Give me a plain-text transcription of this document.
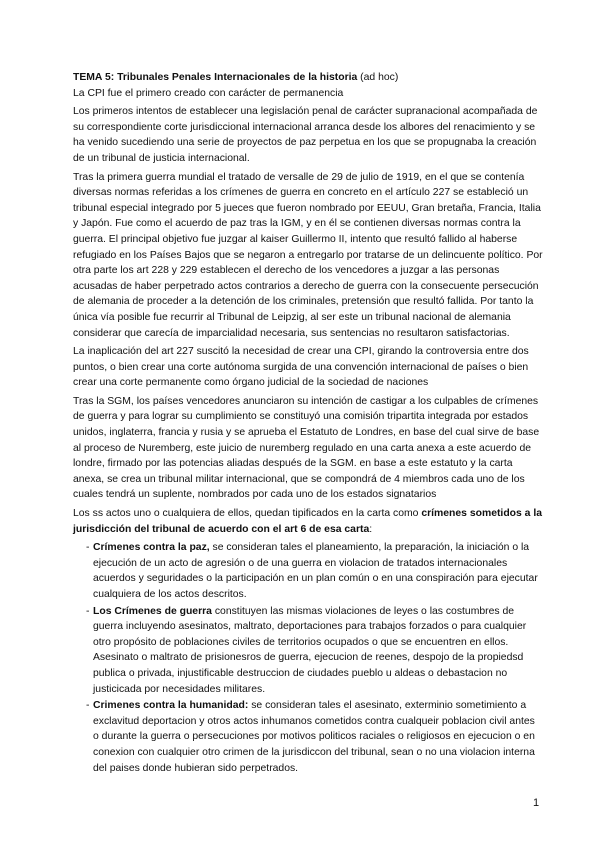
TEMA 5: Tribunales Penales Internacionales de la historia (ad hoc)

La CPI fue el primero creado con carácter de permanencia

Los primeros intentos de establecer una legislación penal de carácter supranacional acompañada de su correspondiente corte jurisdiccional internacional arranca desde los albores del renacimiento y se ha venido sucediendo una serie de proyectos de paz perpetua en los que se propugnaba la creación de un tribunal de justicia internacional.

Tras la primera guerra mundial el tratado de versalle de 29 de julio de 1919, en el que se contenía diversas normas referidas a los crímenes de guerra en concreto en el artículo 227 se estableció un tribunal especial integrado por 5 jueces que fueron nombrado por EEUU, Gran bretaña, Francia, Italia y Japón. Fue como el acuerdo de paz tras la IGM, y en él se contienen diversas normas contra la guerra. El principal objetivo fue juzgar al kaiser Guillermo II, intento que resultó fallido al haberse refugiado en los Países Bajos que se negaron a entregarlo por tratarse de un delincuente político. Por otra parte los art 228 y 229 establecen el derecho de los vencedores a juzgar a las personas acusadas de haber perpetrado actos contrarios a derecho de guerra con la consecuente persecución de alemania de proceder a la detención de los criminales, pretensión que resultó fallida. Por tanto la única vía posible fue recurrir al Tribunal de Leipzig, al ser este un tribunal nacional de alemania considerar que carecía de imparcialidad necesaria, sus sentencias no resultaron satisfactorias.

La inaplicación del art 227 suscitó la necesidad de crear una CPI, girando la controversia entre dos puntos, o bien crear una corte autónoma surgida de una convención internacional de países o bien crear una corte permanente como órgano judicial de la sociedad de naciones

Tras la SGM, los países vencedores anunciaron su intención de castigar a los culpables de crímenes de guerra y para lograr su cumplimiento se constituyó una comisión tripartita integrada por estados unidos, inglaterra, francia y rusia y se aprueba el Estatuto de Londres, en base del cual sirve de base al proceso de Nuremberg, este juicio de nuremberg regulado en una carta anexa a este acuerdo de londre, firmado por las potencias aliadas después de la SGM. en base a este estatuto y la carta anexa, se crea un tribunal militar internacional, que se compondrá de 4 miembros cada uno de los cuales tendrá un suplente, nombrados por cada uno de los estados signatarios

Los ss actos uno o cualquiera de ellos, quedan tipificados en la carta como crímenes sometidos a la jurisdicción del tribunal de acuerdo con el art 6 de esa carta:

- Crímenes contra la paz, se consideran tales el planeamiento, la preparación, la iniciación o la ejecución de un acto de agresión o de una guerra en violacion de tratados internacionales acuerdos y seguridades o la participación en un plan común o en una conspiración para ejecutar cualquiera de los actos descritos.
- Los Crímenes de guerra constituyen las mismas violaciones de leyes o las costumbres de guerra incluyendo asesinatos, maltrato, deportaciones para trabajos forzados o para cualquier otro propósito de poblaciones civiles de territorios ocupados o que se encuentren en ellos. Asesinato o maltrato de prisionesros de guerra, ejecucion de reenes, despojo de la propiedsd publica o privada, injustificable destruccion de ciudades pueblo u aldeas o debastacion no justicicada por necesidades militares.
- Crimenes contra la humanidad: se consideran tales el asesinato, exterminio sometimiento a exclavitud deportacion y otros actos inhumanos cometidos contra cualqueir poblacion civil antes o durante la guerra o persecuciones por motivos politicos raciales o religiosos en ejecucion o en conexion con cualquier otro crimen de la jurisdiccon del tribunal, sean o no una violacion interna del paises donde hubieran sido perpetrados.
1
